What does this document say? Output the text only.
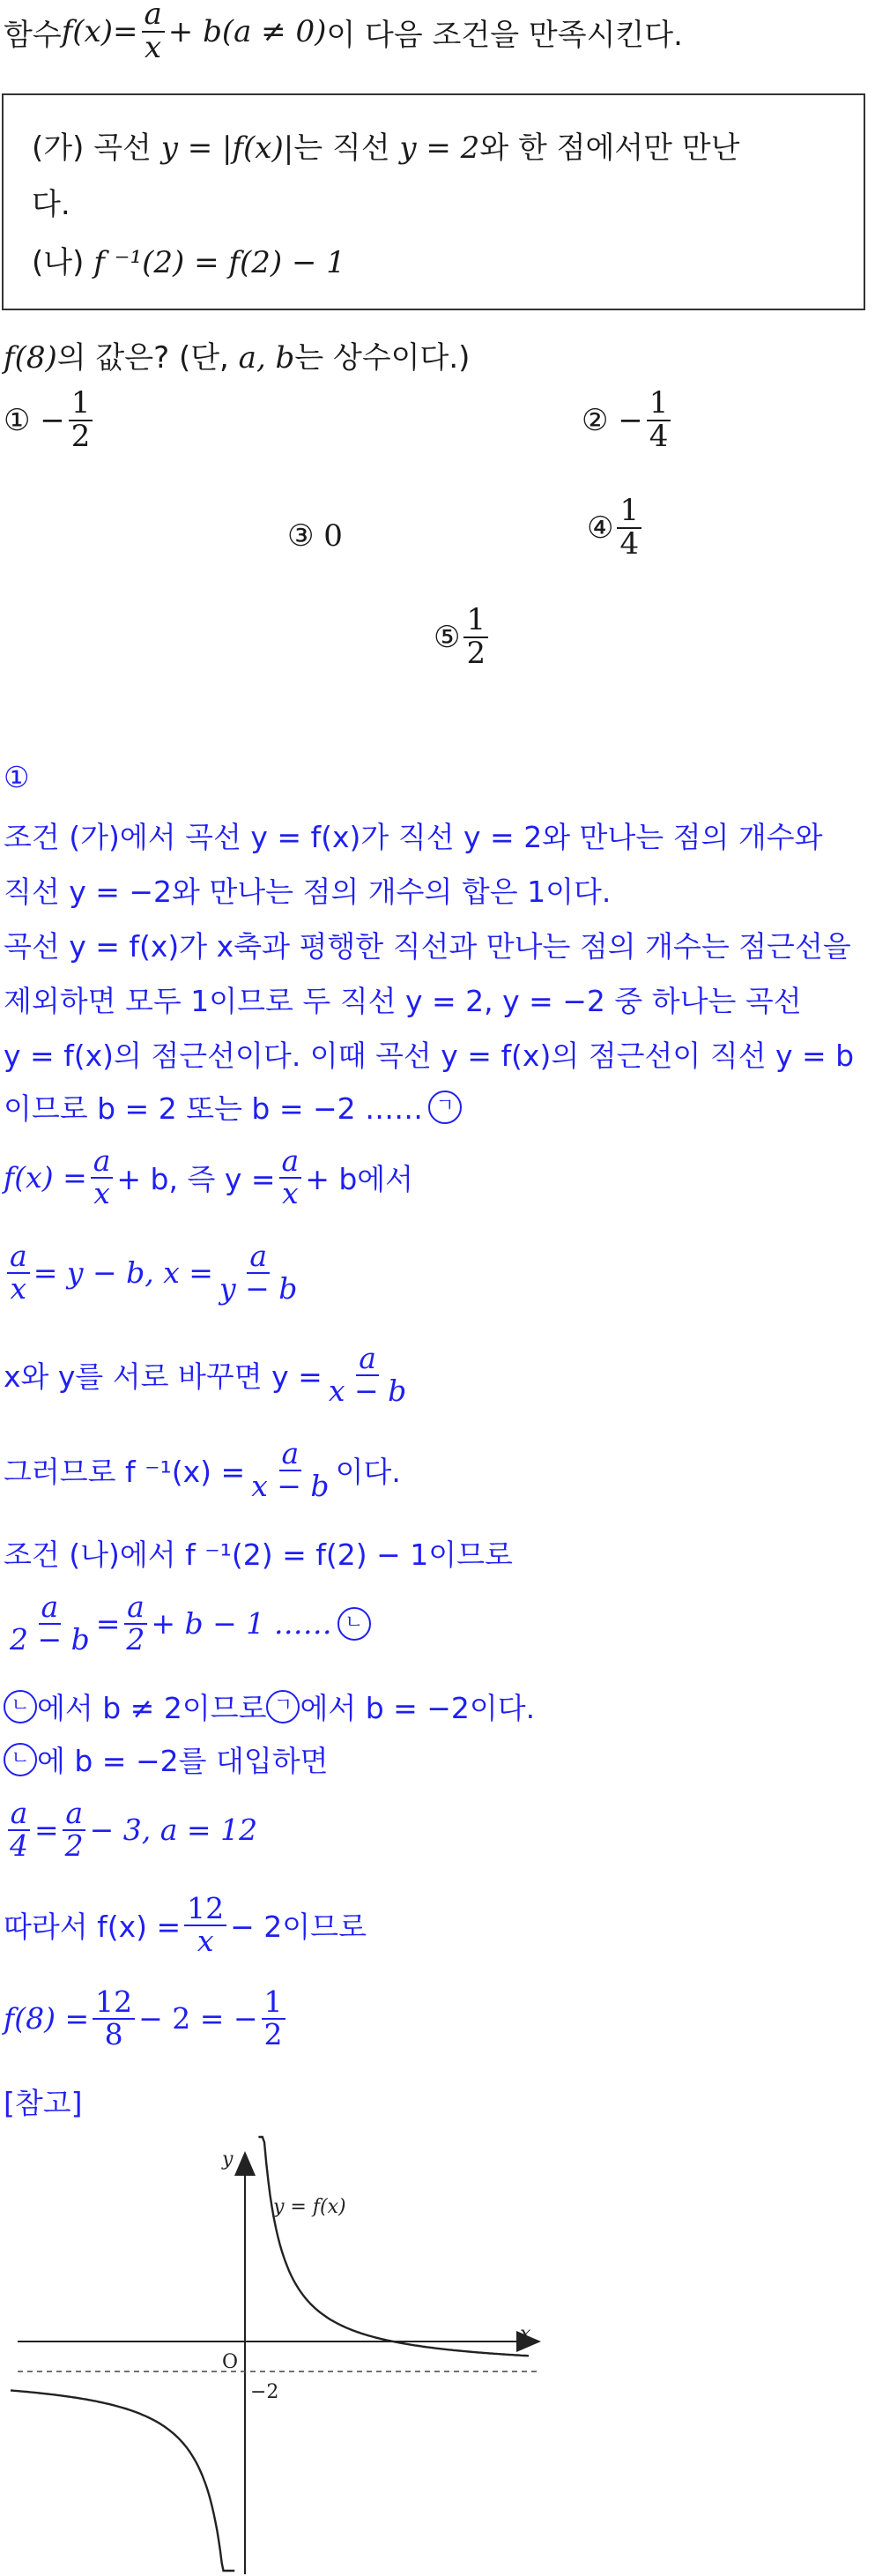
함수 $f(x) = \frac{a}{x} + b$ (a ≠ 0) 이 다음 조건을 만족시킨다.
(가) 곡선 y = |f(x)|는 직선 y = 2와 한 점에서만 만난
다.
(나) f ⁻¹(2) = f(2) − 1
f(8)의 값은? (단, a, b는 상수이다.)
①
− $\frac{1}{2}$	②
− $\frac{1}{4}$
③ 0	④ $\frac{1}{4}$
⑤ $\frac{1}{2}$
①
조건 (가)에서 곡선 y = f(x)가 직선 y = 2와 만나는 점의 개수와
직선 y = −2와 만나는 점의 개수의 합은 1이다.
곡선 y = f(x)가 x축과 평행한 직선과 만나는 점의 개수는 점근선을
제외하면 모두 1이므로 두 직선 y = 2, y = −2 중 하나는 곡선
y = f(x)의 점근선이다. 이때 곡선 y = f(x)의 점근선이 직선 y = b
이므로 b = 2 또는 b = −2 …… ㄱ
$f(x) = \frac{a}{x} + b$, 즉 $y = \frac{a}{x} + b$에서
$\frac{a}{x} = y - b$, $x = \frac{a}{y - b}$
x와 y를 서로 바꾸면 $y = \frac{a}{x - b}$
그러므로 f $^{-1}(x) = \frac{a}{x - b}$ 이다.
조건 (나)에서 f ⁻¹(2) = f(2) − 1이므로
$\frac{a}{2 - b} = \frac{a}{2} + b - 1$ …… ㄴ
ㄴ 에서 b ≠ 2이므로 ㄱ 에서 b = −2이다.
ㄴ 에 b = −2를 대입하면
$\frac{a}{4} = \frac{a}{2} - 3$, a = 12
따라서 $f(x) = \frac{12}{x} - 2$이므로
$f(8) = \frac{12}{8} - 2$ = − $\frac{1}{2}$
[참고]
y
x
O
−2
y = f(x)
